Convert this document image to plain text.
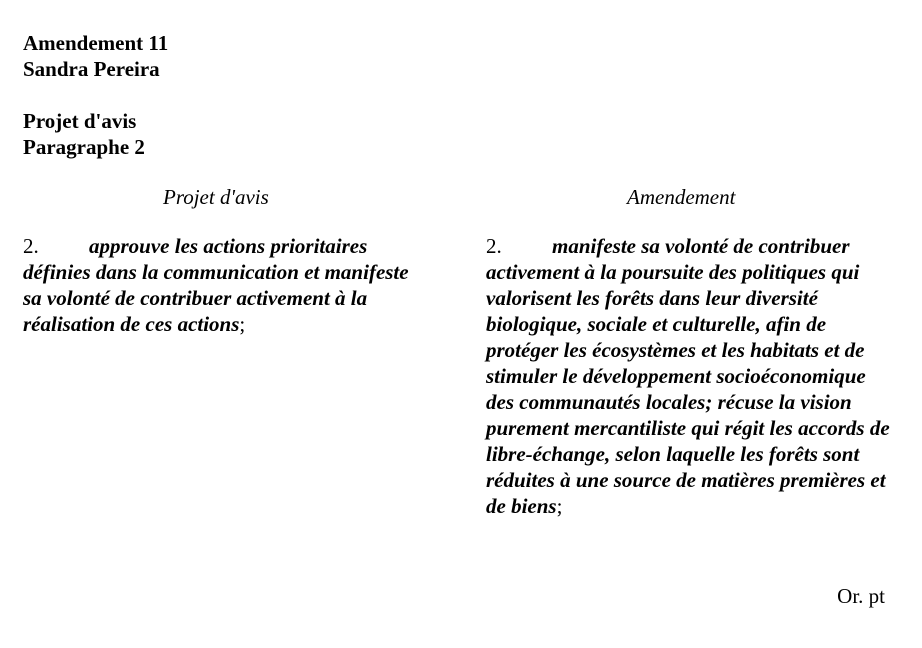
Amendement 11
Sandra Pereira
Projet d'avis
Paragraphe 2
Projet d'avis	Amendement
2. approuve les actions prioritaires définies dans la communication et manifeste sa volonté de contribuer activement à la réalisation de ces actions;
2. manifeste sa volonté de contribuer activement à la poursuite des politiques qui valorisent les forêts dans leur diversité biologique, sociale et culturelle, afin de protéger les écosystèmes et les habitats et de stimuler le développement socioéconomique des communautés locales; récuse la vision purement mercantiliste qui régit les accords de libre-échange, selon laquelle les forêts sont réduites à une source de matières premières et de biens;
Or. pt
